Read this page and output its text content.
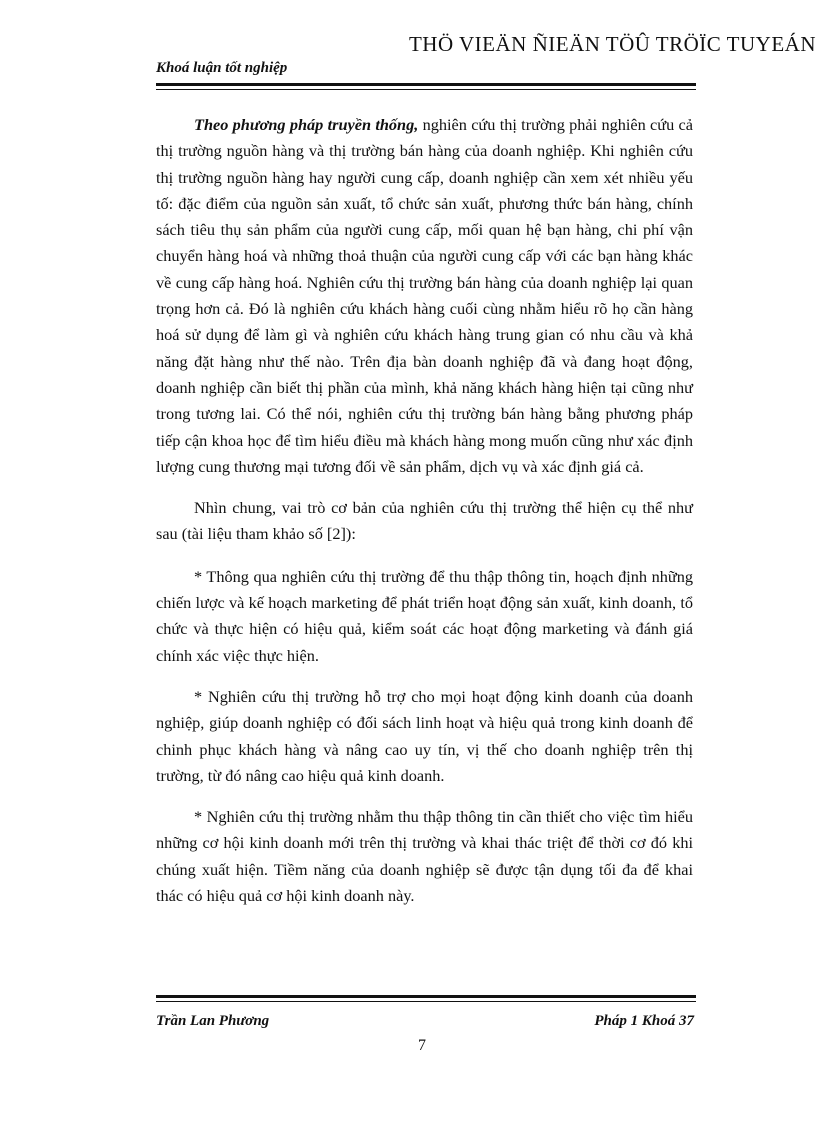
THÖ VIEÄN ÑIEÄN TÖÛ TRÖÏC TUYEÁN
Khoá luận tốt nghiệp

Theo phương pháp truyền thống, nghiên cứu thị trường phải nghiên cứu cả thị trường nguồn hàng và thị trường bán hàng của doanh nghiệp. Khi nghiên cứu thị trường nguồn hàng hay người cung cấp, doanh nghiệp cần xem xét nhiều yếu tố: đặc điểm của nguồn sản xuất, tổ chức sản xuất, phương thức bán hàng, chính sách tiêu thụ sản phẩm của người cung cấp, mối quan hệ bạn hàng, chi phí vận chuyển hàng hoá và những thoả thuận của người cung cấp với các bạn hàng khác về cung cấp hàng hoá. Nghiên cứu thị trường bán hàng của doanh nghiệp lại quan trọng hơn cả. Đó là nghiên cứu khách hàng cuối cùng nhằm hiểu rõ họ cần hàng hoá sử dụng để làm gì và nghiên cứu khách hàng trung gian có nhu cầu và khả năng đặt hàng như thế nào. Trên địa bàn doanh nghiệp đã và đang hoạt động, doanh nghiệp cần biết thị phần của mình, khả năng khách hàng hiện tại cũng như trong tương lai. Có thể nói, nghiên cứu thị trường bán hàng bằng phương pháp tiếp cận khoa học để tìm hiểu điều mà khách hàng mong muốn cũng như xác định lượng cung thương mại tương đối về sản phẩm, dịch vụ và xác định giá cả.

Nhìn chung, vai trò cơ bản của nghiên cứu thị trường thể hiện cụ thể như sau (tài liệu tham khảo số [2]):

* Thông qua nghiên cứu thị trường để thu thập thông tin, hoạch định những chiến lược và kế hoạch marketing để phát triển hoạt động sản xuất, kinh doanh, tổ chức và thực hiện có hiệu quả, kiểm soát các hoạt động marketing và đánh giá chính xác việc thực hiện.

* Nghiên cứu thị trường hỗ trợ cho mọi hoạt động kinh doanh của doanh nghiệp, giúp doanh nghiệp có đối sách linh hoạt và hiệu quả trong kinh doanh để chinh phục khách hàng và nâng cao uy tín, vị thế cho doanh nghiệp trên thị trường, từ đó nâng cao hiệu quả kinh doanh.

* Nghiên cứu thị trường nhằm thu thập thông tin cần thiết cho việc tìm hiểu những cơ hội kinh doanh mới trên thị trường và khai thác triệt để thời cơ đó khi chúng xuất hiện. Tiềm năng của doanh nghiệp sẽ được tận dụng tối đa để khai thác có hiệu quả cơ hội kinh doanh này.

Trần Lan Phương	Pháp 1 Khoá 37
7
